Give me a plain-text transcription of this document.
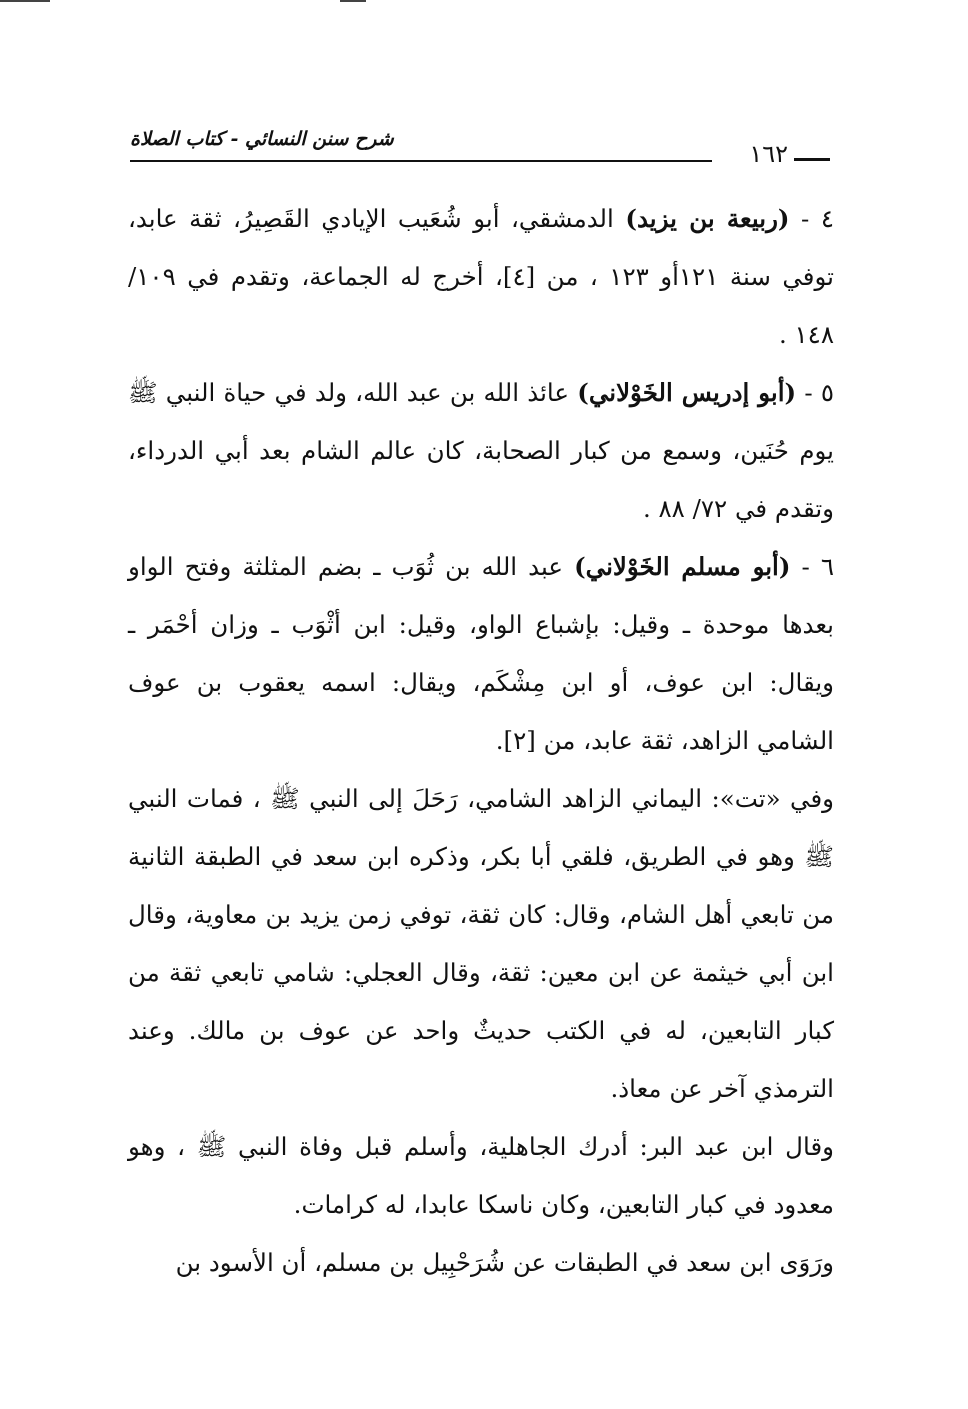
شرح سنن النسائي - كتاب الصلاة
١٦٢

٤ - (ربيعة بن يزيد) الدمشقي، أبو شُعَيب الإيادي القَصِيرُ، ثقة عابد، توفي سنة ١٢١أو ١٢٣ ، من [٤]، أخرج له الجماعة، وتقدم في ١٠٩/ ١٤٨ .

٥ - (أبو إدريس الخَوْلاني) عائذ الله بن عبد الله، ولد في حياة النبي ﷺ يوم حُنَين، وسمع من كبار الصحابة، كان عالم الشام بعد أبي الدرداء، وتقدم في ٧٢/ ٨٨ .

٦ - (أبو مسلم الخَوْلاني) عبد الله بن ثُوَب ـ بضم المثلثة وفتح الواو بعدها موحدة ـ وقيل: بإشباع الواو، وقيل: ابن أثْوَب ـ وزان أحْمَر ـ ويقال: ابن عوف، أو ابن مِشْكَم، ويقال: اسمه يعقوب بن عوف الشامي الزاهد، ثقة عابد، من [٢].

وفي «تت»: اليماني الزاهد الشامي، رَحَلَ إلى النبي ﷺ ، فمات النبي ﷺ وهو في الطريق، فلقي أبا بكر، وذكره ابن سعد في الطبقة الثانية من تابعي أهل الشام، وقال: كان ثقة، توفي زمن يزيد بن معاوية، وقال ابن أبي خيثمة عن ابن معين: ثقة، وقال العجلي: شامي تابعي ثقة من كبار التابعين، له في الكتب حديثٌ واحد عن عوف بن مالك. وعند الترمذي آخر عن معاذ.

وقال ابن عبد البر: أدرك الجاهلية، وأسلم قبل وفاة النبي ﷺ ، وهو معدود في كبار التابعين، وكان ناسكا عابدا، له كرامات.

ورَوَى ابن سعد في الطبقات عن شُرَحْبِيل بن مسلم، أن الأسود بن
